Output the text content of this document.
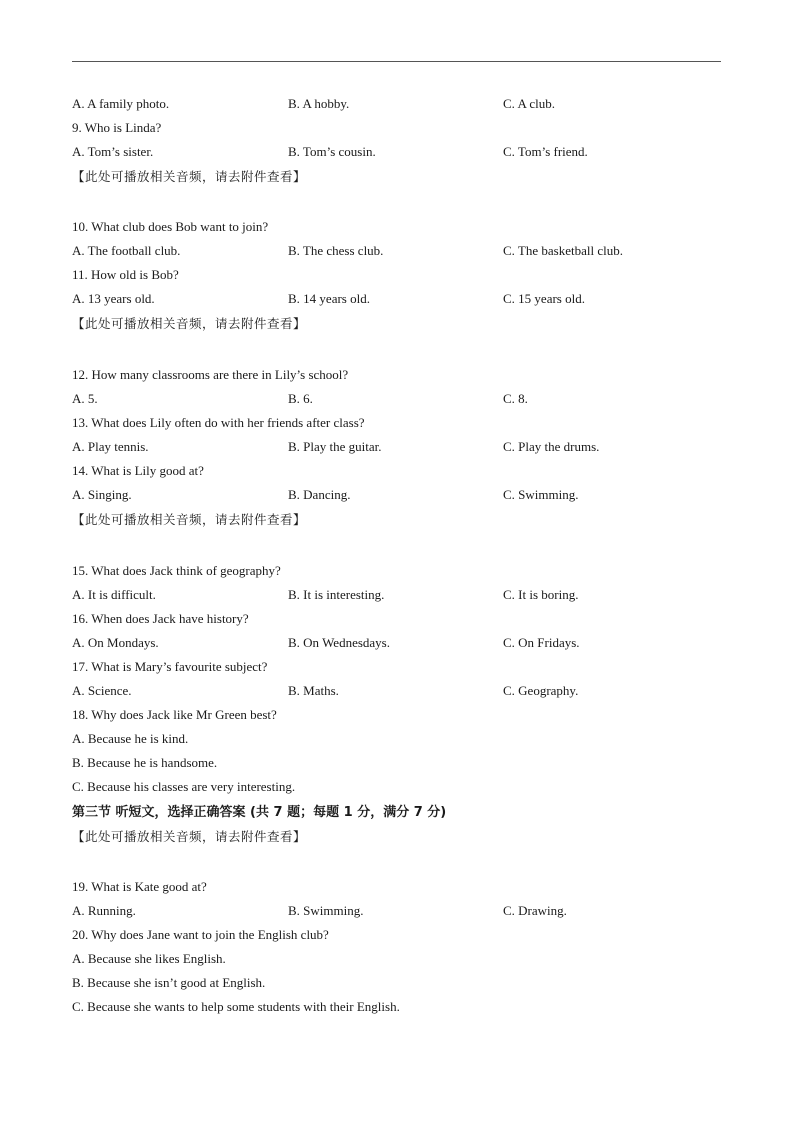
A. A family photo.	B. A hobby.	C. A club.
9. Who is Linda?
A. Tom’s sister.	B. Tom’s cousin.	C. Tom’s friend.
【此处可播放相关音频，请去附件查看】
10. What club does Bob want to join?
A. The football club.	B. The chess club.	C. The basketball club.
11. How old is Bob?
A. 13 years old.	B. 14 years old.	C. 15 years old.
【此处可播放相关音频，请去附件查看】
12. How many classrooms are there in Lily’s school?
A. 5.	B. 6.	C. 8.
13. What does Lily often do with her friends after class?
A. Play tennis.	B. Play the guitar.	C. Play the drums.
14. What is Lily good at?
A. Singing.	B. Dancing.	C. Swimming.
【此处可播放相关音频，请去附件查看】
15. What does Jack think of geography?
A. It is difficult.	B. It is interesting.	C. It is boring.
16. When does Jack have history?
A. On Mondays.	B. On Wednesdays.	C. On Fridays.
17. What is Mary’s favourite subject?
A. Science.	B. Maths.	C. Geography.
18. Why does Jack like Mr Green best?
A. Because he is kind.
B. Because he is handsome.
C. Because his classes are very interesting.
第三节 听短文，选择正确答案 (共 7 题；每题 1 分，满分 7 分)
【此处可播放相关音频，请去附件查看】
19. What is Kate good at?
A. Running.	B. Swimming.	C. Drawing.
20. Why does Jane want to join the English club?
A. Because she likes English.
B. Because she isn’t good at English.
C. Because she wants to help some students with their English.
